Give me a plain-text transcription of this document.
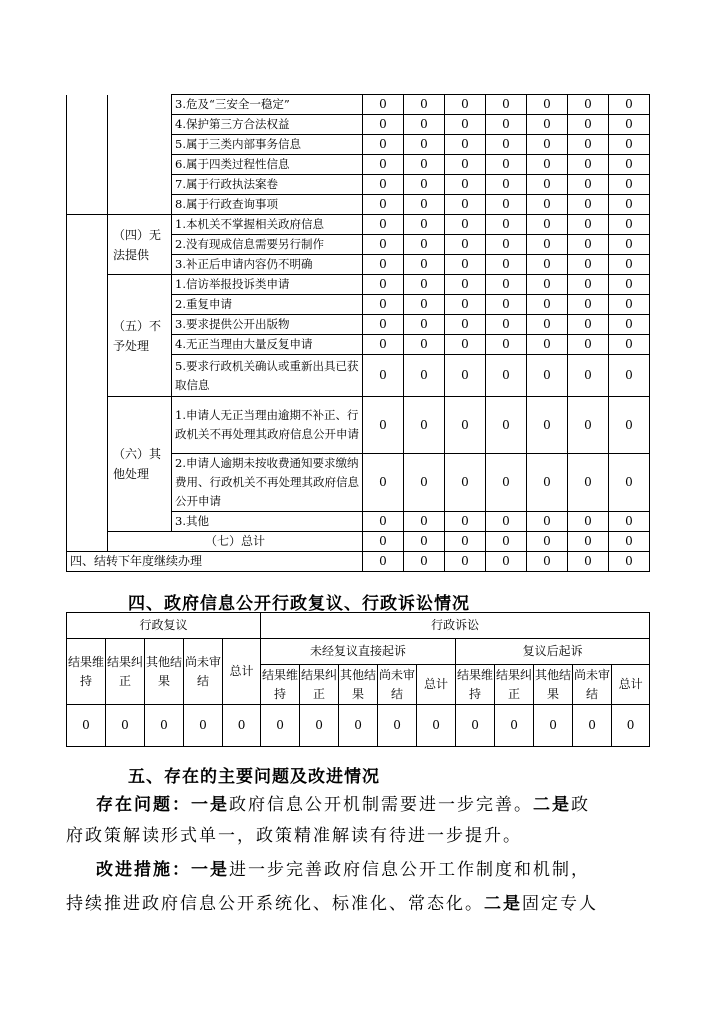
		3.危及“三安全一稳定”	0	0	0	0	0	0	0
		4.保护第三方合法权益	0	0	0	0	0	0	0
		5.属于三类内部事务信息	0	0	0	0	0	0	0
		6.属于四类过程性信息	0	0	0	0	0	0	0
		7.属于行政执法案卷	0	0	0	0	0	0	0
		8.属于行政查询事项	0	0	0	0	0	0	0
	（四）无法提供	1.本机关不掌握相关政府信息	0	0	0	0	0	0	0
		2.没有现成信息需要另行制作	0	0	0	0	0	0	0
		3.补正后申请内容仍不明确	0	0	0	0	0	0	0
	（五）不予处理	1.信访举报投诉类申请	0	0	0	0	0	0	0
		2.重复申请	0	0	0	0	0	0	0
		3.要求提供公开出版物	0	0	0	0	0	0	0
		4.无正当理由大量反复申请	0	0	0	0	0	0	0
		5.要求行政机关确认或重新出具已获取信息	0	0	0	0	0	0	0
	（六）其他处理	1.申请人无正当理由逾期不补正、行政机关不再处理其政府信息公开申请	0	0	0	0	0	0	0
		2.申请人逾期未按收费通知要求缴纳费用、行政机关不再处理其政府信息公开申请	0	0	0	0	0	0	0
		3.其他	0	0	0	0	0	0	0
	（七）总计		0	0	0	0	0	0	0
四、结转下年度继续办理			0	0	0	0	0	0	0
四、政府信息公开行政复议、行政诉讼情况
行政复议					行政诉讼									
结果维持	结果纠正	其他结果	尚未审结	总计	未经复议直接起诉					复议后起诉				
					结果维持	结果纠正	其他结果	尚未审结	总计	结果维持	结果纠正	其他结果	尚未审结	总计
0	0	0	0	0	0	0	0	0	0	0	0	0	0	0
五、存在的主要问题及改进情况

存在问题：一是政府信息公开机制需要进一步完善。二是政

府政策解读形式单一，政策精准解读有待进一步提升。

改进措施：一是进一步完善政府信息公开工作制度和机制，

持续推进政府信息公开系统化、标准化、常态化。二是固定专人
